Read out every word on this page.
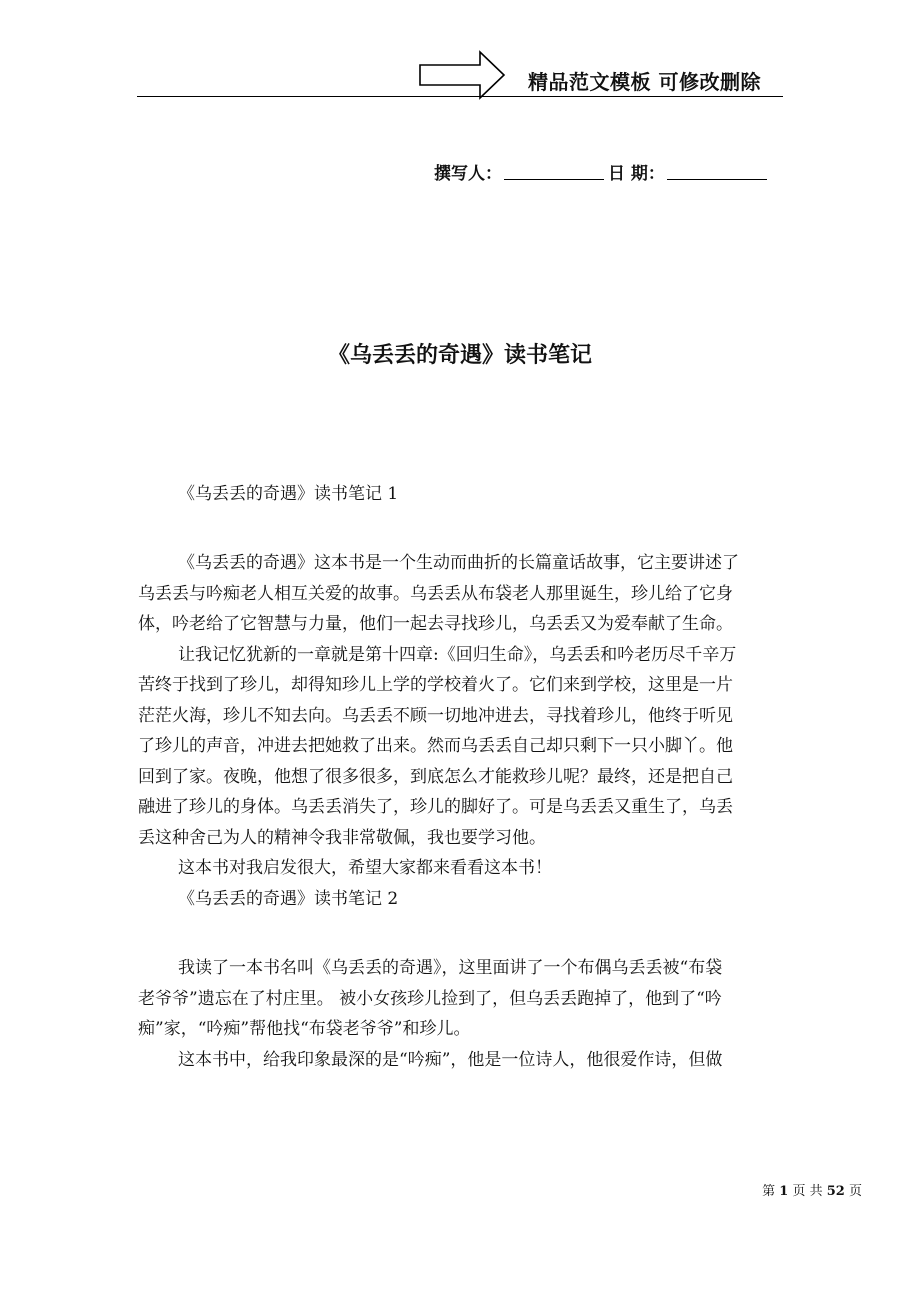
精品范文模板 可修改删除
撰写人：	日 期：
《乌丢丢的奇遇》读书笔记
《乌丢丢的奇遇》读书笔记 1
《乌丢丢的奇遇》这本书是一个生动而曲折的长篇童话故事，它主要讲述了
乌丢丢与吟痴老人相互关爱的故事。乌丢丢从布袋老人那里诞生，珍儿给了它身
体，吟老给了它智慧与力量，他们一起去寻找珍儿，乌丢丢又为爱奉献了生命。
让我记忆犹新的一章就是第十四章:《回归生命》，乌丢丢和吟老历尽千辛万
苦终于找到了珍儿，却得知珍儿上学的学校着火了。它们来到学校，这里是一片
茫茫火海，珍儿不知去向。乌丢丢不顾一切地冲进去，寻找着珍儿，他终于听见
了珍儿的声音，冲进去把她救了出来。然而乌丢丢自己却只剩下一只小脚丫。他
回到了家。夜晚，他想了很多很多，到底怎么才能救珍儿呢？最终，还是把自己
融进了珍儿的身体。乌丢丢消失了，珍儿的脚好了。可是乌丢丢又重生了，乌丢
丢这种舍己为人的精神令我非常敬佩，我也要学习他。
这本书对我启发很大，希望大家都来看看这本书！
《乌丢丢的奇遇》读书笔记 2
我读了一本书名叫《乌丢丢的奇遇》，这里面讲了一个布偶乌丢丢被“布袋
老爷爷”遗忘在了村庄里。 被小女孩珍儿捡到了，但乌丢丢跑掉了，他到了“吟
痴”家，“吟痴”帮他找“布袋老爷爷”和珍儿。
这本书中，给我印象最深的是“吟痴”，他是一位诗人，他很爱作诗，但做
第 1 页 共 52 页
